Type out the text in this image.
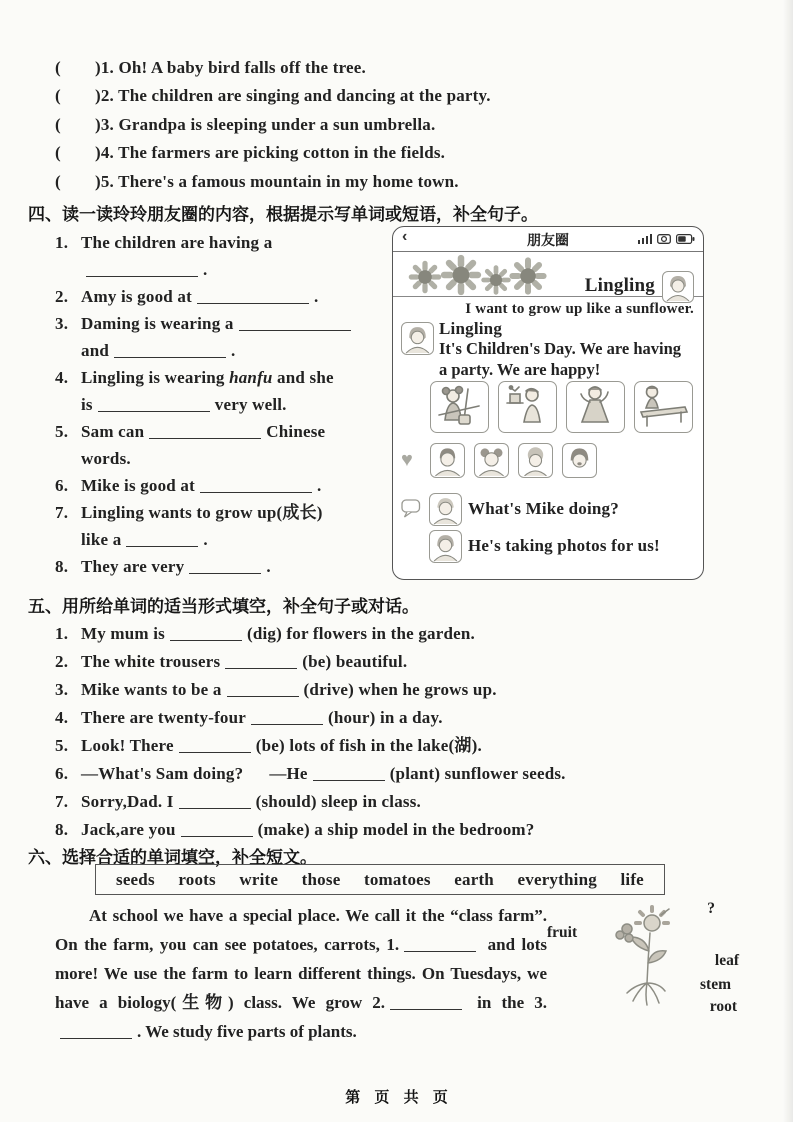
( )1. Oh! A baby bird falls off the tree.
( )2. The children are singing and dancing at the party.
( )3. Grandpa is sleeping under a sun umbrella.
( )4. The farmers are picking cotton in the fields.
( )5. There's a famous mountain in my home town.
四、读一读玲玲朋友圈的内容，根据提示写单词或短语，补全句子。
1. The children are having a
.
2. Amy is good at	.
3. Daming is wearing a
and	.
4. Lingling is wearing hanfu and she
is	very well.
5. Sam can	Chinese
words.
6. Mike is good at	.
7. Lingling wants to grow up(成长)
like a	.
8. They are very	.
‹	朋友圈
Lingling
I want to grow up like a sunflower.
Lingling
It's Children's Day. We are having a party. We are happy!
♥
What's Mike doing?
He's taking photos for us!
五、用所给单词的适当形式填空，补全句子或对话。
1. My mum is	(dig) for flowers in the garden.
2. The white trousers	(be) beautiful.
3. Mike wants to be a	(drive) when he grows up.
4. There are twenty-four	(hour) in a day.
5. Look! There	(be) lots of fish in the lake(湖).
6. —What's Sam doing? —He	(plant) sunflower seeds.
7. Sorry,Dad. I	(should) sleep in class.
8. Jack,are you	(make) a ship model in the bedroom?
六、选择合适的单词填空，补全短文。
seeds roots write those tomatoes earth everything life
?
fruit
leaf
stem
root
At school we have a special place. We call it the “class farm”. On the farm, you can see potatoes, carrots, 1.	and lots more! We use the farm to learn different things. On Tuesdays, we have a biology(生物) class. We grow 2.	in the 3.. We study five parts of plants.
第 页 共 页
